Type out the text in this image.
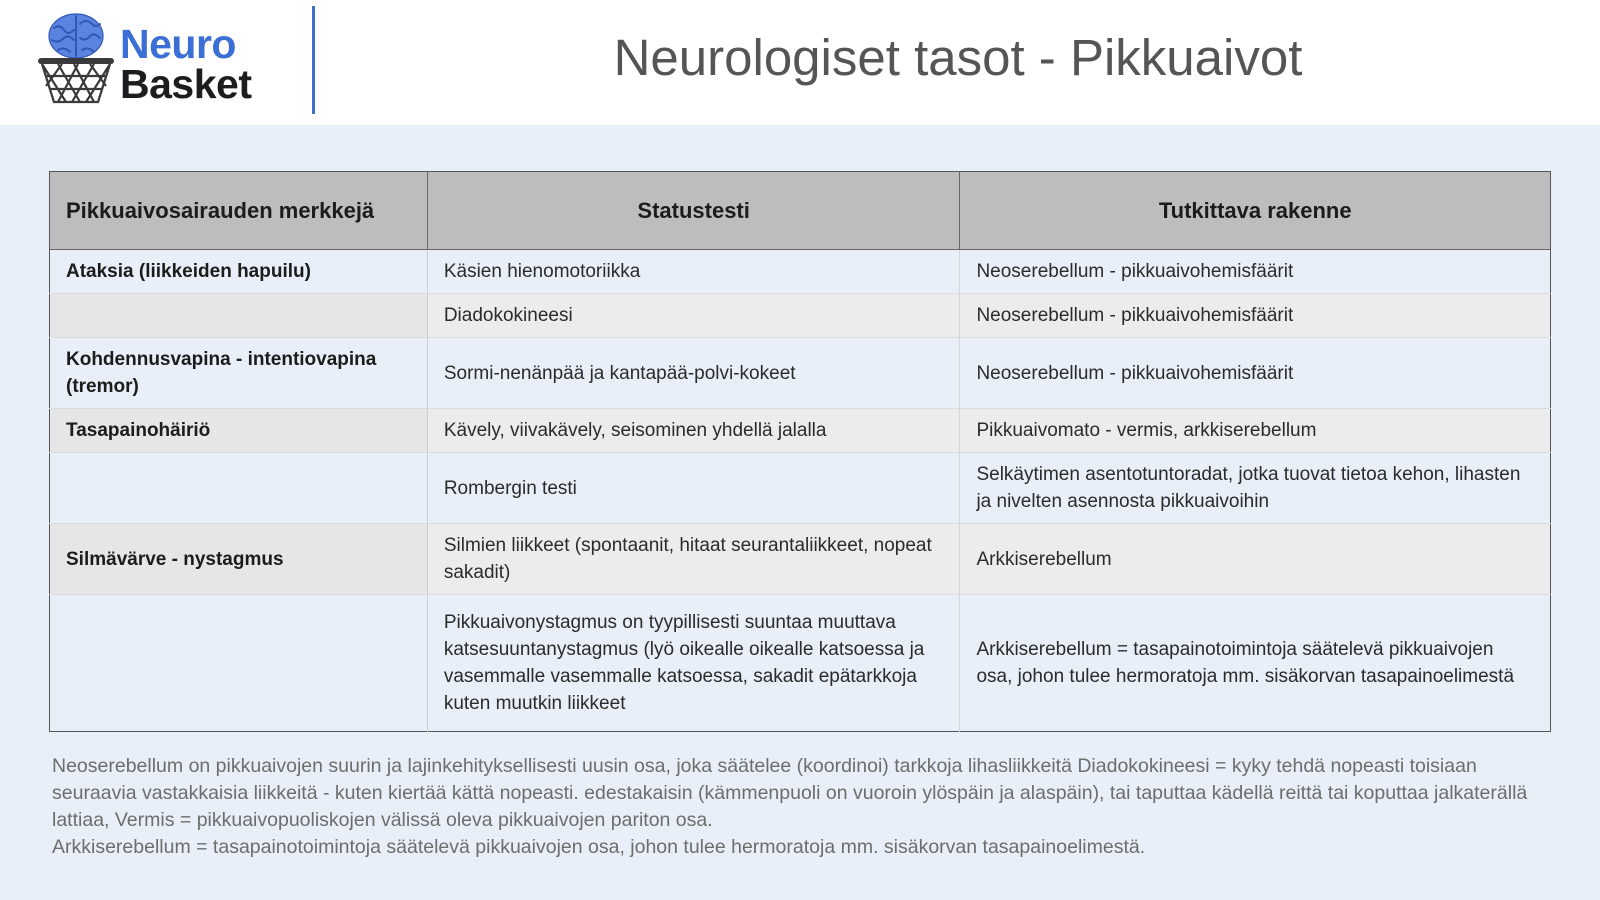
Neuro
Basket	Neurologiset tasot - Pikkuaivot
Pikkuaivosairauden merkkejä	Statustesti	Tutkittava rakenne
Ataksia (liikkeiden hapuilu)	Käsien hienomotoriikka	Neoserebellum - pikkuaivohemisfäärit
	Diadokokineesi	Neoserebellum - pikkuaivohemisfäärit
Kohdennusvapina - intentiovapina (tremor)	Sormi-nenänpää ja kantapää-polvi-kokeet	Neoserebellum - pikkuaivohemisfäärit
Tasapainohäiriö	Kävely, viivakävely, seisominen yhdellä jalalla	Pikkuaivomato - vermis, arkkiserebellum
	Rombergin testi	Selkäytimen asentotuntoradat, jotka tuovat tietoa kehon, lihasten ja nivelten asennosta pikkuaivoihin
Silmävärve - nystagmus	Silmien liikkeet (spontaanit, hitaat seurantaliikkeet, nopeat sakadit)	Arkkiserebellum
	Pikkuaivonystagmus on tyypillisesti suuntaa muuttava katsesuuntanystagmus (lyö oikealle oikealle katsoessa ja vasemmalle vasemmalle katsoessa, sakadit epätarkkoja kuten muutkin liikkeet	Arkkiserebellum = tasapainotoimintoja säätelevä pikkuaivojen osa, johon tulee hermoratoja mm. sisäkorvan tasapainoelimestä

Neoserebellum on pikkuaivojen suurin ja lajinkehityksellisesti uusin osa, joka säätelee (koordinoi) tarkkoja lihasliikkeitä Diadokokineesi = kyky tehdä nopeasti toisiaan seuraavia vastakkaisia liikkeitä - kuten kiertää kättä nopeasti. edestakaisin (kämmenpuoli on vuoroin ylöspäin ja alaspäin), tai taputtaa kädellä reittä tai koputtaa jalkaterällä lattiaa, Vermis = pikkuaivopuoliskojen välissä oleva pikkuaivojen pariton osa.
Arkkiserebellum = tasapainotoimintoja säätelevä pikkuaivojen osa, johon tulee hermoratoja mm. sisäkorvan tasapainoelimestä.
